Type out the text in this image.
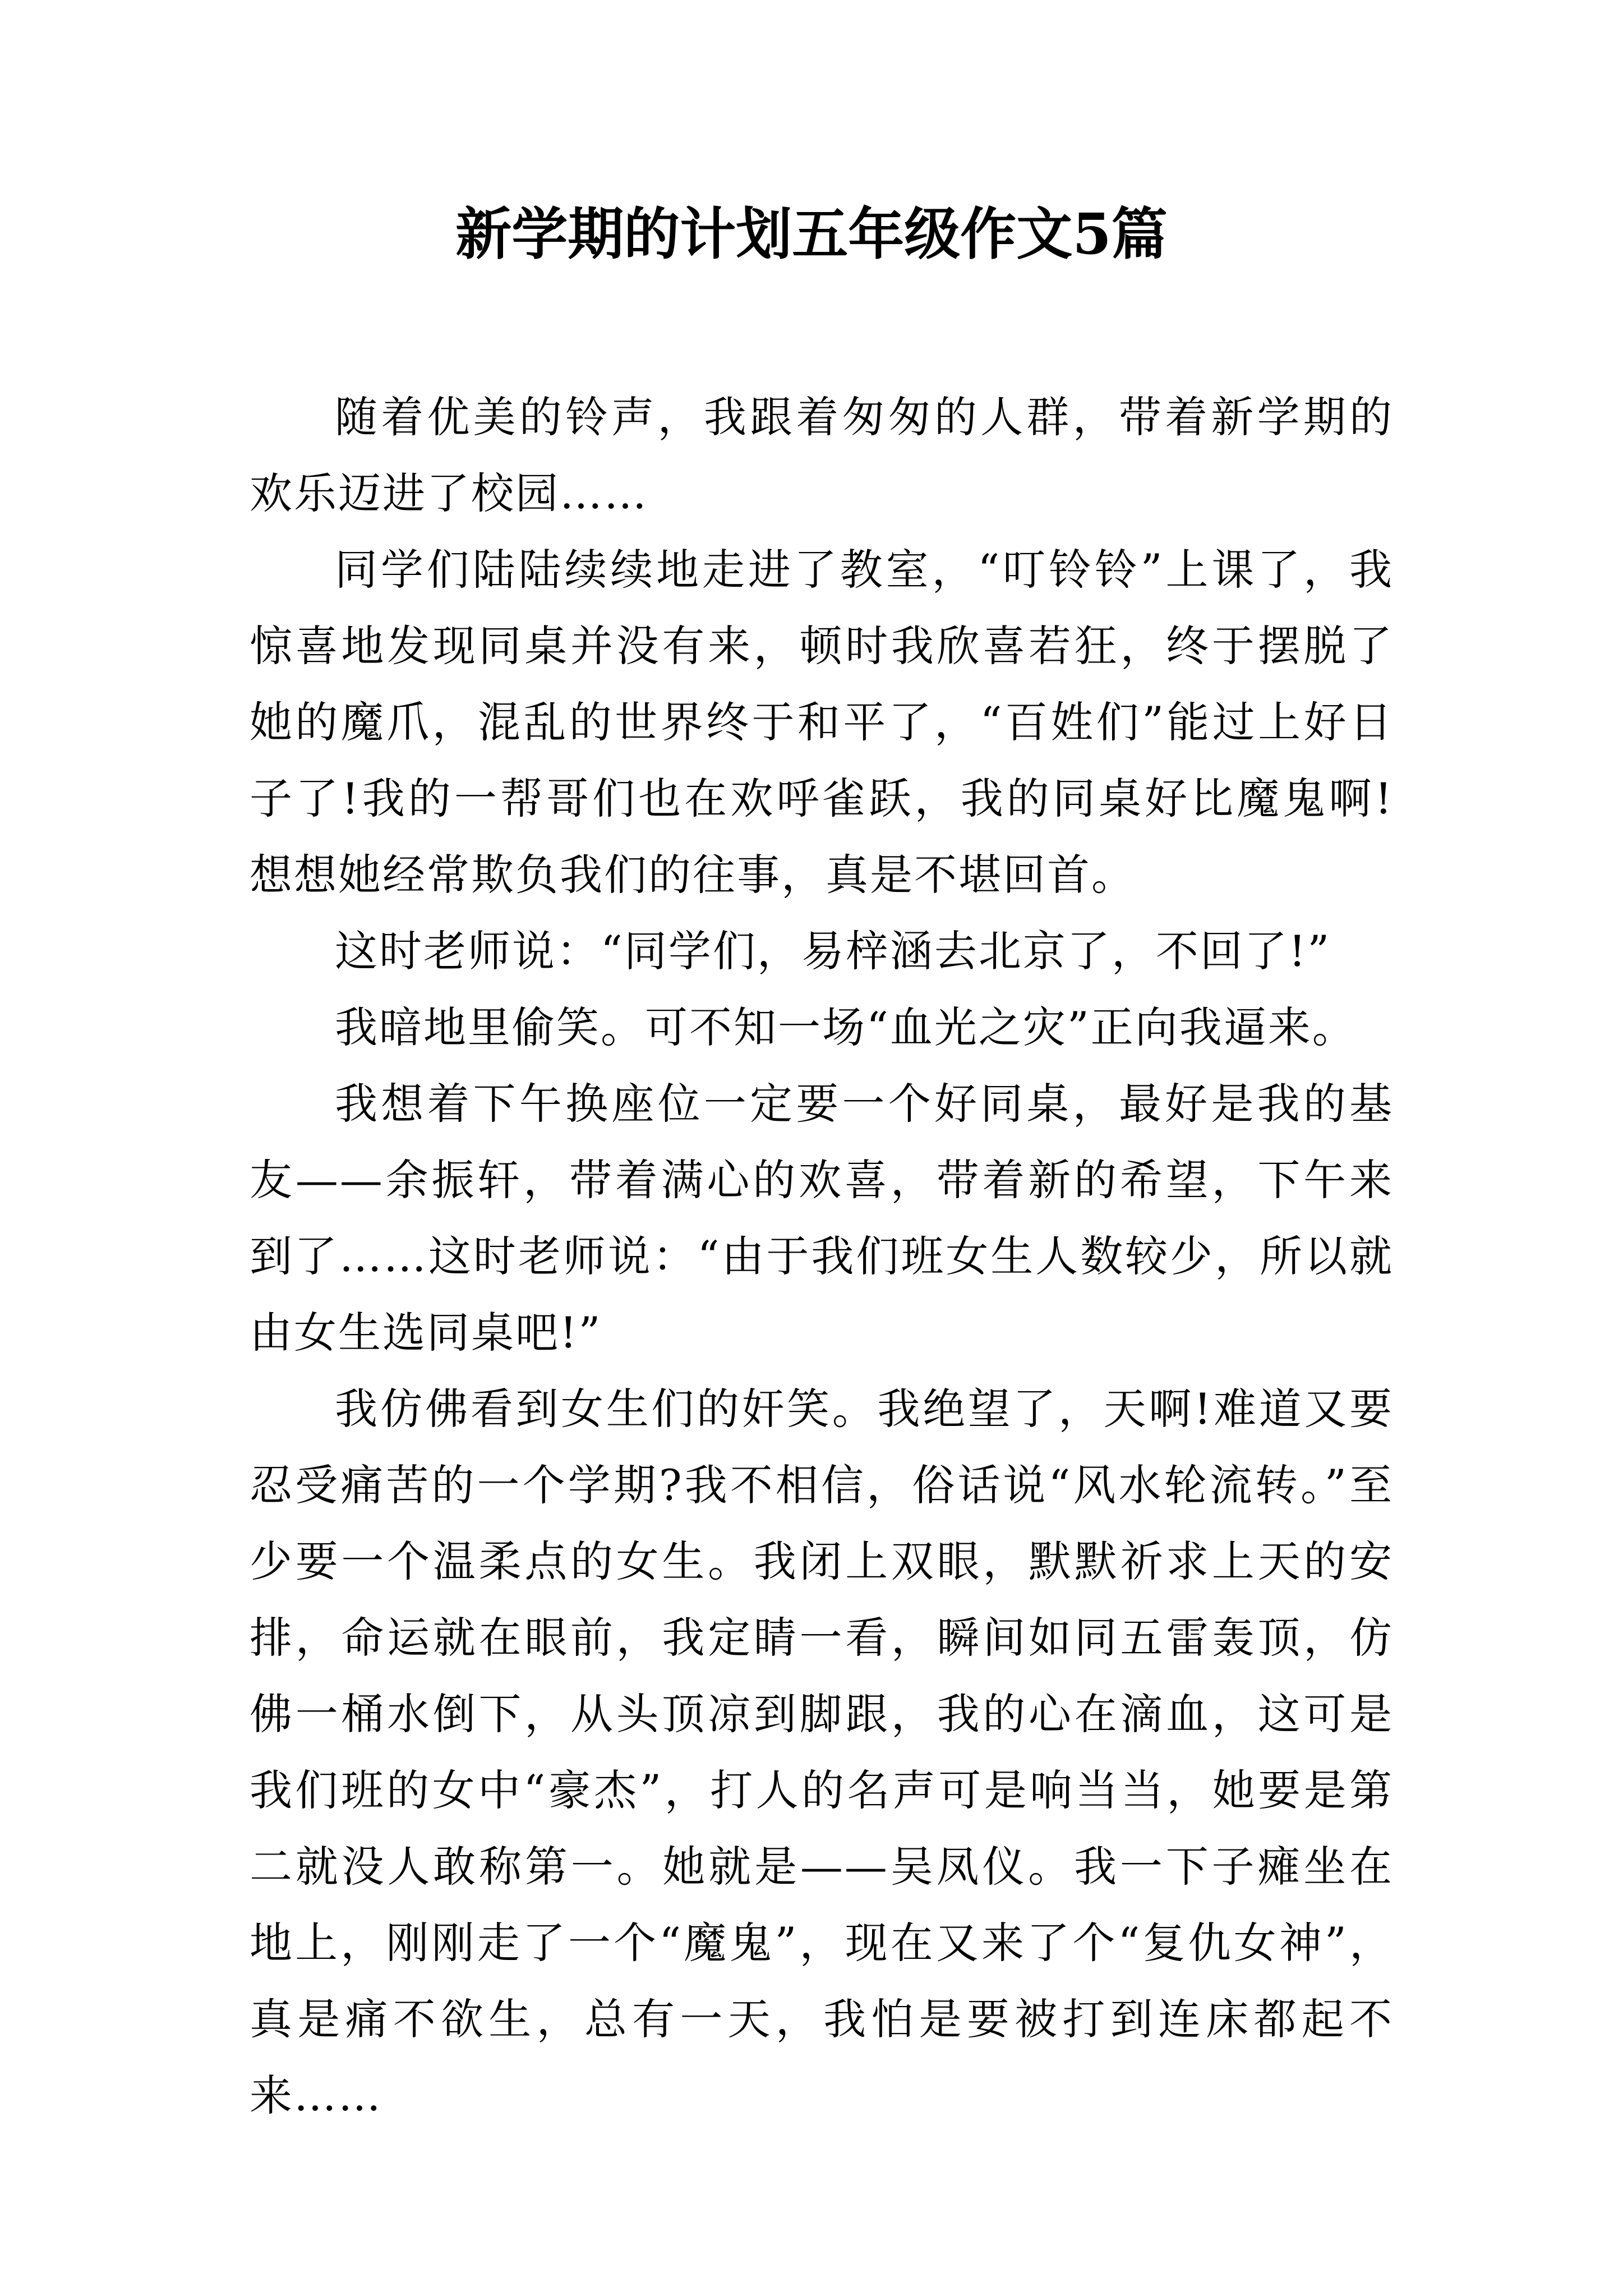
新学期的计划五年级作文5篇

随着优美的铃声，我跟着匆匆的人群，带着新学期的欢乐迈进了校园……

同学们陆陆续续地走进了教室，“叮铃铃”上课了，我惊喜地发现同桌并没有来，顿时我欣喜若狂，终于摆脱了她的魔爪，混乱的世界终于和平了，“百姓们”能过上好日子了!我的一帮哥们也在欢呼雀跃，我的同桌好比魔鬼啊!想想她经常欺负我们的往事，真是不堪回首。

这时老师说：“同学们，易梓涵去北京了，不回了!”

我暗地里偷笑。可不知一场“血光之灾”正向我逼来。

我想着下午换座位一定要一个好同桌，最好是我的基友——余振轩，带着满心的欢喜，带着新的希望，下午来到了……这时老师说：“由于我们班女生人数较少，所以就由女生选同桌吧!”

我仿佛看到女生们的奸笑。我绝望了，天啊!难道又要忍受痛苦的一个学期?我不相信，俗话说“风水轮流转。”至少要一个温柔点的女生。我闭上双眼，默默祈求上天的安排，命运就在眼前，我定睛一看，瞬间如同五雷轰顶，仿佛一桶水倒下，从头顶凉到脚跟，我的心在滴血，这可是我们班的女中“豪杰”，打人的名声可是响当当，她要是第二就没人敢称第一。她就是——吴凤仪。我一下子瘫坐在地上，刚刚走了一个“魔鬼”，现在又来了个“复仇女神”，真是痛不欲生，总有一天，我怕是要被打到连床都起不来……
